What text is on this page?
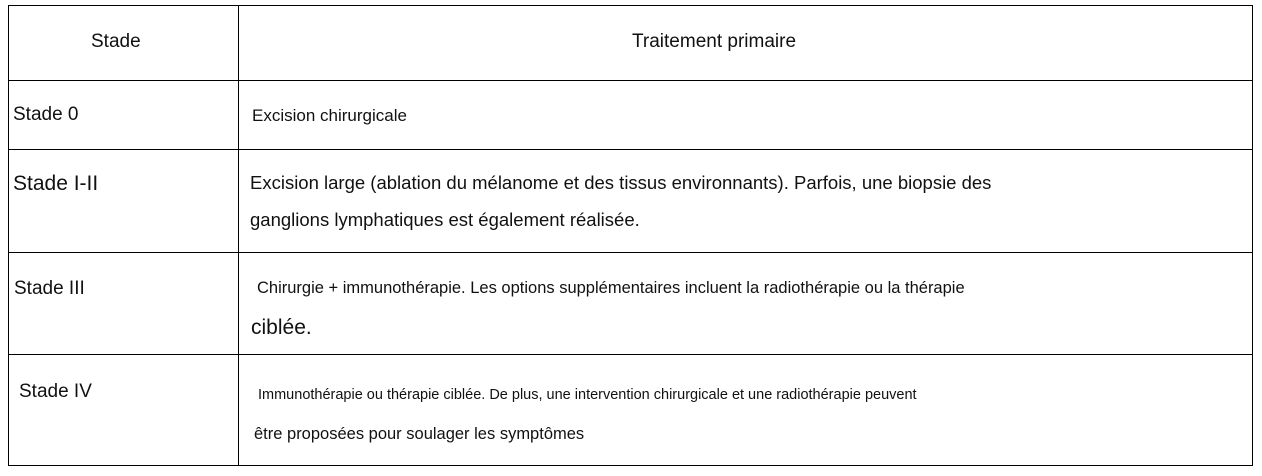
Stade	Traitement primaire
Stade 0	Excision chirurgicale
Stade I-II	Excision large (ablation du mélanome et des tissus environnants). Parfois, une biopsie des
ganglions lymphatiques est également réalisée.
Stade III	Chirurgie + immunothérapie. Les options supplémentaires incluent la radiothérapie ou la thérapie
ciblée.
Stade IV	Immunothérapie ou thérapie ciblée. De plus, une intervention chirurgicale et une radiothérapie peuvent
être proposées pour soulager les symptômes
